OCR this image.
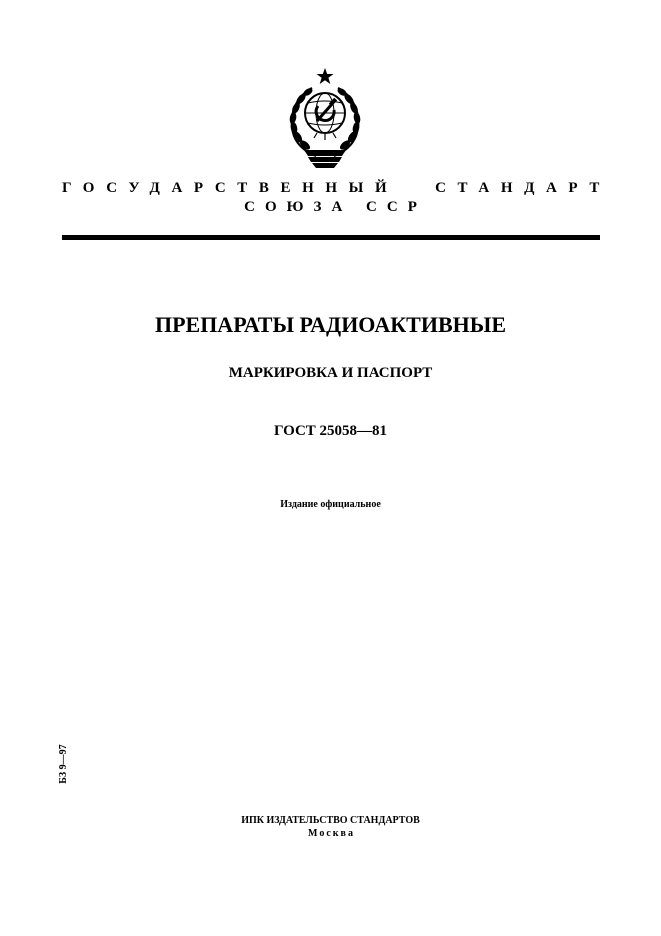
ГОСУДАРСТВЕННЫЙ СТАНДАРТ
СОЮЗА ССР
ПРЕПАРАТЫ РАДИОАКТИВНЫЕ
МАРКИРОВКА И ПАСПОРТ
ГОСТ 25058—81
Издание официальное
БЗ 9—97
ИПК ИЗДАТЕЛЬСТВО СТАНДАРТОВ
Москва
